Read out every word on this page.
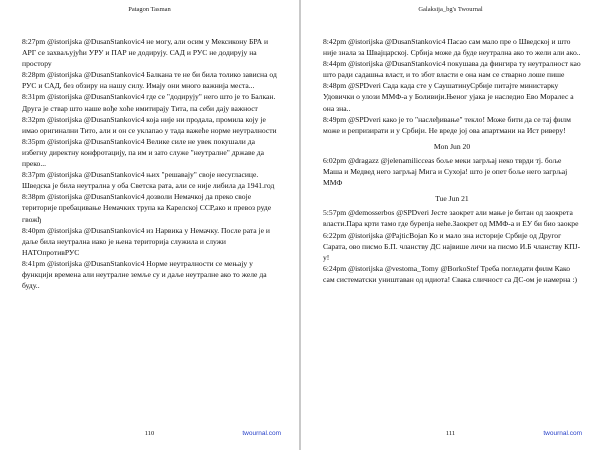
Patagon Tasman

8:27pm @istorijska @DusanStankovic4 не могу, али осим у Мексикону БРА и АРГ се захваљујући УРУ и ПАР не додирују. САД и РУС не додирују на простору

8:28pm @istorijska @DusanStankovic4 Балкана те не би била толико зависна од РУС и САД, без обзиру на нашу силу. Имају они много важнија места...

8:31pm @istorijska @DusanStankovic4 где се "додирују" него што је то Балкан. Друга је ствар што наше вође хоће имитирају Тита, па себи дају важност

8:32pm @istorijska @DusanStankovic4 која није ни продала, промила коју је имао оригинални Тито, али и он се уклапао у тада важеће норме неутралности

8:35pm @istorijska @DusanStankovic4 Велике силе не увек покушали да избегну директну конфротацију, па им и зато служе "неутралне" државе да преко...

8:37pm @istorijska @DusanStankovic4 њих "решавају" своје несугласице. Шведска је била неутрална у оба Светска рата, али се није либила да 1941.год

8:38pm @istorijska @DusanStankovic4 дозволи Немачкој да преко своје територије пребацивање Немачких трупа ка Карелској ССР,ако и превоз руде гвожђ

8:40pm @istorijska @DusanStankovic4 из Нарвика у Немачку. После рата је и даље била неутрална иако је њена територија служила и служи НАТОпротивРУС

8:41pm @istorijska @DusanStankovic4 Норме неутралности се мењају у функцији времена али неутралне земље су и даље неутралне ако то желе да буду..

110	twournal.com
Galaksija_bg's Twournal

8:42pm @istorijska @DusanStankovic4 Пасао сам мало пре о Шведској и што није знала за Швајцарској. Србија може да буде неутрална ако то жели али ако..

8:44pm @istorijska @DusanStankovic4 покушава да фингира ту неутралност као што ради садашња власт, и то збот власти е она нам се стварно лоше пише

8:48pm @SPDveri Сада када сте у СаушатинуСрбије питајте министарку Удовички о улози ММФ-а у Боливији.Њеног ујака је наследио Ево Моралес а она зна..

8:49pm @SPDveri како је то "наслеђивање" текло! Може бити да се тај филм може и репризирати и у Србији. Не вреде јој ова апартмани на Ист риверу!

Mon Jun 20

6:02pm @dragazz @jelenamilicceas боље меки загрљај неко тврди тј. боље Маша и Медвед него загрљај Мига и Сухоја! што је опет боље него загрљај ММФ

Tue Jun 21

5:57pm @demosserbos @SPDveri Јесте заокрет али мање је битан од заокрета власти.Пара крти тамо где бурепја неће.Заокрет од ММФ-а и ЕУ би био заокре

6:22pm @istorijska @PajticBojan Ко и мало зна историје Србије од Другог Сарата, ово писмо Б.П. чланству ДС највише личи на писмо И.Б чланству КПЈ-у!

6:24pm @istorijska @vestoma_Tomy @BorkoStef Треба погледати филм Како сам систематски уништаван од идиота! Свака сличност са ДС-ом је намерна :)

111	twournal.com
